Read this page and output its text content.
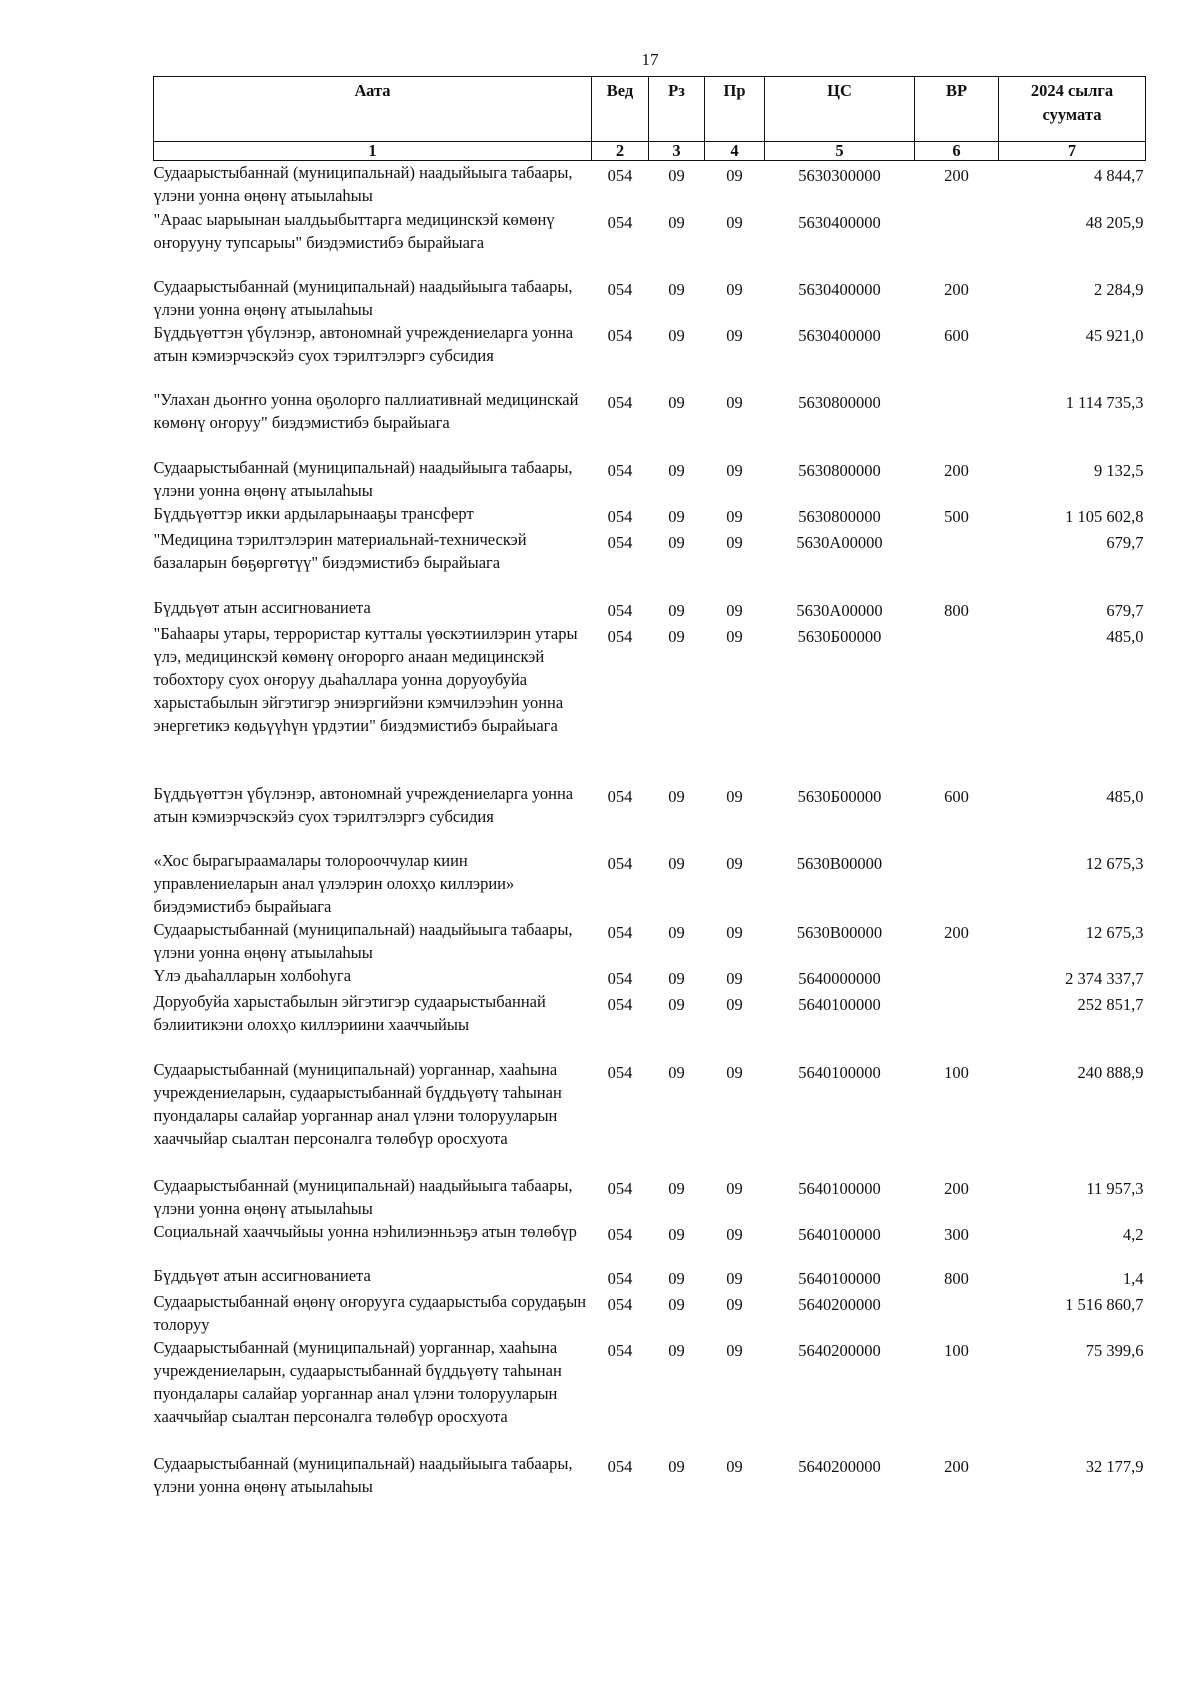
17
Аата	Вед	Рз	Пр	ЦС	ВР	2024 сылга суумата
1	2	3	4	5	6	7
Судаарыстыбаннай (муниципальнай) наадыйыыга табаары, үлэни уонна өңөнү атыылаһыы	054	09	09	5630300000	200	4 844,7
"Араас ыарыынан ыалдьыбыттарга медицинскэй көмөнү оҥорууну тупсарыы" биэдэмистибэ бырайыага	054	09	09	5630400000		48 205,9
Судаарыстыбаннай (муниципальнай) наадыйыыга табаары, үлэни уонна өңөнү атыылаһыы	054	09	09	5630400000	200	2 284,9
Бүддьүөттэн үбүлэнэр, автономнай учреждениеларга уонна атын кэмиэрчэскэйэ суох тэрилтэлэргэ субсидия	054	09	09	5630400000	600	45 921,0
"Улахан дьоҥҥо уонна оҕолорго паллиативнай медицинскай көмөнү оҥоруу" биэдэмистибэ бырайыага	054	09	09	5630800000		1 114 735,3
Судаарыстыбаннай (муниципальнай) наадыйыыга табаары, үлэни уонна өңөнү атыылаһыы	054	09	09	5630800000	200	9 132,5
Бүддьүөттэр икки ардыларынааҕы трансферт	054	09	09	5630800000	500	1 105 602,8
"Медицина тэрилтэлэрин материальнай-техническэй базаларын бөҕөргөтүү" биэдэмистибэ бырайыага	054	09	09	5630А00000		679,7
Бүддьүөт атын ассигнованиета	054	09	09	5630А00000	800	679,7
"Баһаары утары, террористар кутталы үөскэтиилэрин утары үлэ, медицинскэй көмөнү оҥорорго анаан медицинскэй тобохтору суох оҥоруу дьаһаллара уонна доруоубуйа харыстабылын эйгэтигэр эниэргийэни кэмчилээһин уонна энергетикэ көдьүүһүн үрдэтии" биэдэмистибэ бырайыага	054	09	09	5630Б00000		485,0
Бүддьүөттэн үбүлэнэр, автономнай учреждениеларга уонна атын кэмиэрчэскэйэ суох тэрилтэлэргэ субсидия	054	09	09	5630Б00000	600	485,0
«Хос бырагыраамалары толорооччулар киин управлениеларын анал үлэлэрин олохҳо киллэрии» биэдэмистибэ бырайыага	054	09	09	5630В00000		12 675,3
Судаарыстыбаннай (муниципальнай) наадыйыыга табаары, үлэни уонна өңөнү атыылаһыы	054	09	09	5630В00000	200	12 675,3
Үлэ дьаһалларын холбоһуга	054	09	09	5640000000		2 374 337,7
Доруобуйа харыстабылын эйгэтигэр судаарыстыбаннай бэлиитикэни олохҳо киллэриини хааччыйыы	054	09	09	5640100000		252 851,7
Судаарыстыбаннай (муниципальнай) уорганнар, хааһына учреждениеларын, судаарыстыбаннай бүддьүөтү таһынан пуондалары салайар уорганнар анал үлэни толорууларын хааччыйар сыалтан персоналга төлөбүр оросхуота	054	09	09	5640100000	100	240 888,9
Судаарыстыбаннай (муниципальнай) наадыйыыга табаары, үлэни уонна өңөнү атыылаһыы	054	09	09	5640100000	200	11 957,3
Социальнай хааччыйыы уонна нэһилиэнньэҕэ атын төлөбүр	054	09	09	5640100000	300	4,2
Бүддьүөт атын ассигнованиета	054	09	09	5640100000	800	1,4
Судаарыстыбаннай өңөнү оҥорууга судаарыстыба сорудаҕын толоруу	054	09	09	5640200000		1 516 860,7
Судаарыстыбаннай (муниципальнай) уорганнар, хааһына учреждениеларын, судаарыстыбаннай бүддьүөтү таһынан пуондалары салайар уорганнар анал үлэни толорууларын хааччыйар сыалтан персоналга төлөбүр оросхуота	054	09	09	5640200000	100	75 399,6
Судаарыстыбаннай (муниципальнай) наадыйыыга табаары, үлэни уонна өңөнү атыылаһыы	054	09	09	5640200000	200	32 177,9
